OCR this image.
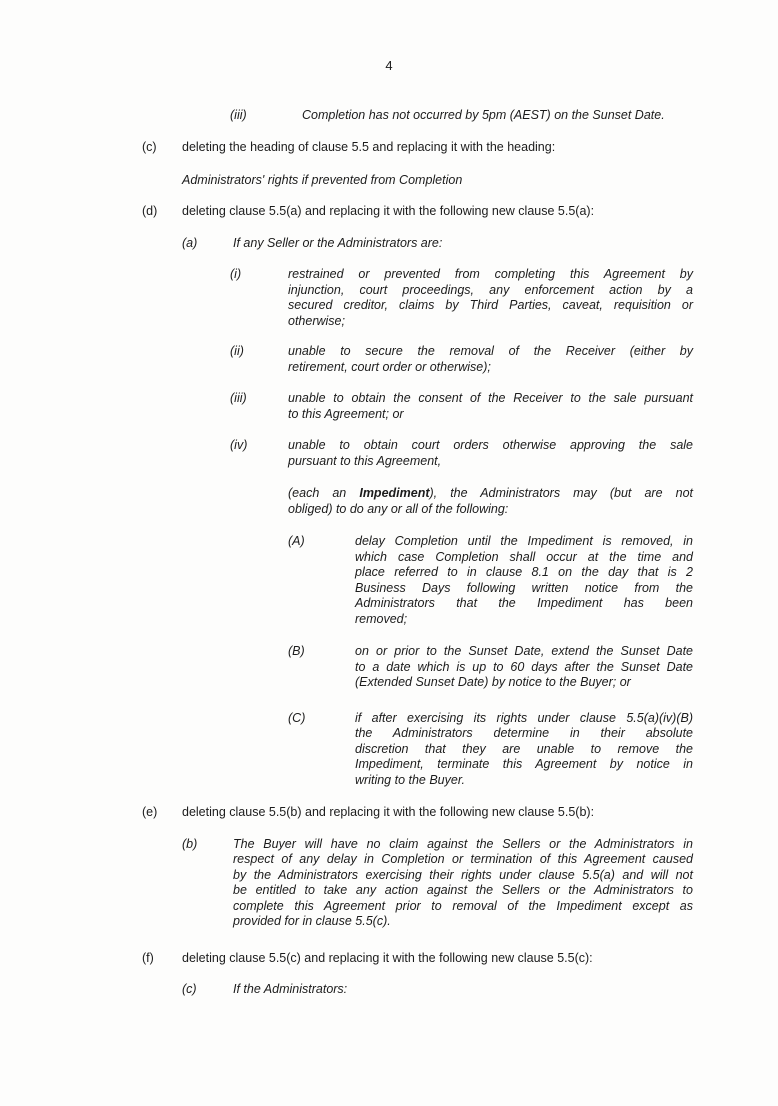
4
(iii)	Completion has not occurred by 5pm (AEST) on the Sunset Date.
(c)	deleting the heading of clause 5.5 and replacing it with the heading:
Administrators' rights if prevented from Completion
(d)	deleting clause 5.5(a) and replacing it with the following new clause 5.5(a):
(a)	If any Seller or the Administrators are:
(i)	restrained or prevented from completing this Agreement by
injunction, court proceedings, any enforcement action by a
secured creditor, claims by Third Parties, caveat, requisition or
otherwise;
(ii)	unable to secure the removal of the Receiver (either by
retirement, court order or otherwise);
(iii)	unable to obtain the consent of the Receiver to the sale pursuant
to this Agreement; or
(iv)	unable to obtain court orders otherwise approving the sale
pursuant to this Agreement,
(each an Impediment), the Administrators may (but are not
obliged) to do any or all of the following:
(A)	delay Completion until the Impediment is removed, in
which case Completion shall occur at the time and
place referred to in clause 8.1 on the day that is 2
Business Days following written notice from the
Administrators that the Impediment has been
removed;
(B)	on or prior to the Sunset Date, extend the Sunset Date
to a date which is up to 60 days after the Sunset Date
(Extended Sunset Date) by notice to the Buyer; or
(C)	if after exercising its rights under clause 5.5(a)(iv)(B)
the Administrators determine in their absolute
discretion that they are unable to remove the
Impediment, terminate this Agreement by notice in
writing to the Buyer.
(e)	deleting clause 5.5(b) and replacing it with the following new clause 5.5(b):
(b)	The Buyer will have no claim against the Sellers or the Administrators in
respect of any delay in Completion or termination of this Agreement caused
by the Administrators exercising their rights under clause 5.5(a) and will not
be entitled to take any action against the Sellers or the Administrators to
complete this Agreement prior to removal of the Impediment except as
provided for in clause 5.5(c).
(f)	deleting clause 5.5(c) and replacing it with the following new clause 5.5(c):
(c)	If the Administrators:
